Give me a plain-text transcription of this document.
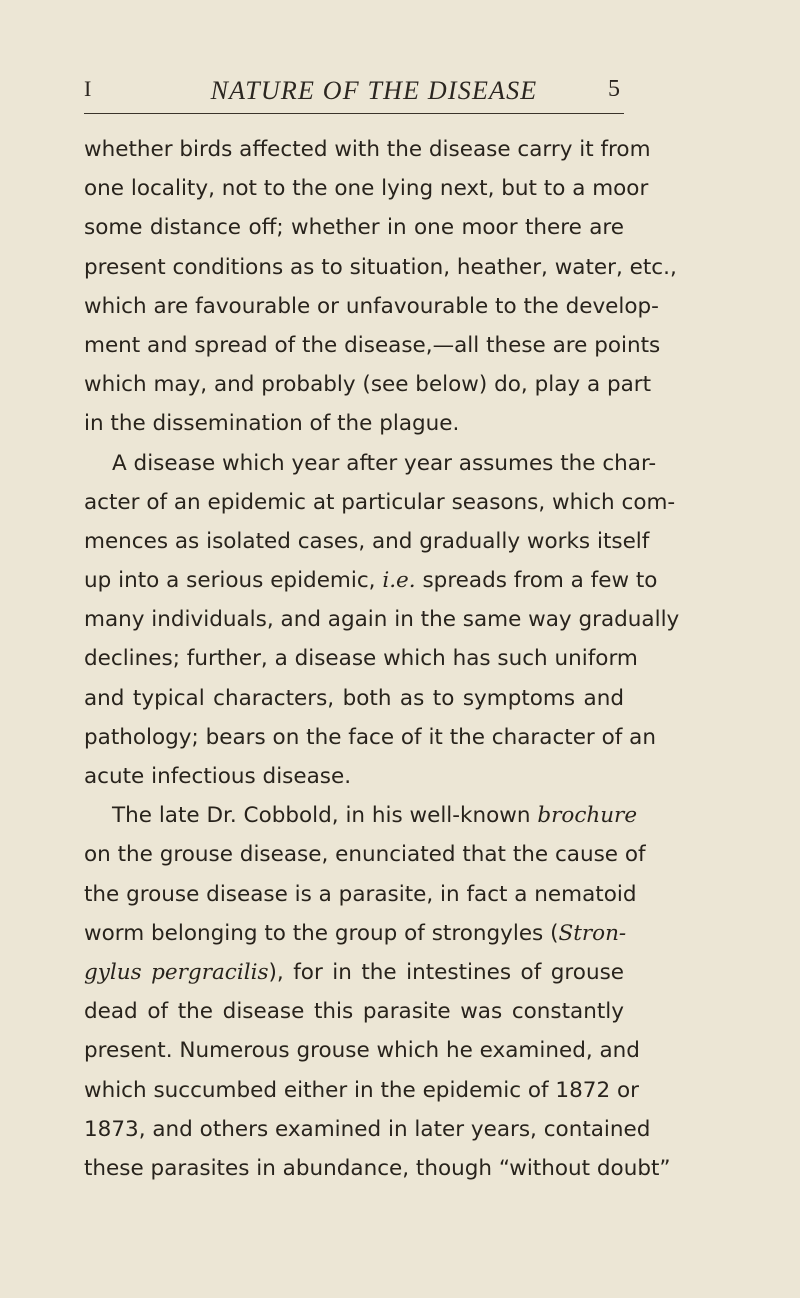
I	NATURE OF THE DISEASE	5
whether birds affected with the disease carry it from
one locality, not to the one lying next, but to a moor
some distance off; whether in one moor there are
present conditions as to situation, heather, water, etc.,
which are favourable or unfavourable to the develop-
ment and spread of the disease,—all these are points
which may, and probably (see below) do, play a part
in the dissemination of the plague.
A disease which year after year assumes the char-
acter of an epidemic at particular seasons, which com-
mences as isolated cases, and gradually works itself
up into a serious epidemic, i.e. spreads from a few to
many individuals, and again in the same way gradually
declines; further, a disease which has such uniform
and typical characters, both as to symptoms and
pathology; bears on the face of it the character of an
acute infectious disease.
The late Dr. Cobbold, in his well-known brochure
on the grouse disease, enunciated that the cause of
the grouse disease is a parasite, in fact a nematoid
worm belonging to the group of strongyles (Stron-
gylus pergracilis), for in the intestines of grouse
dead of the disease this parasite was constantly
present. Numerous grouse which he examined, and
which succumbed either in the epidemic of 1872 or
1873, and others examined in later years, contained
these parasites in abundance, though “without doubt”
